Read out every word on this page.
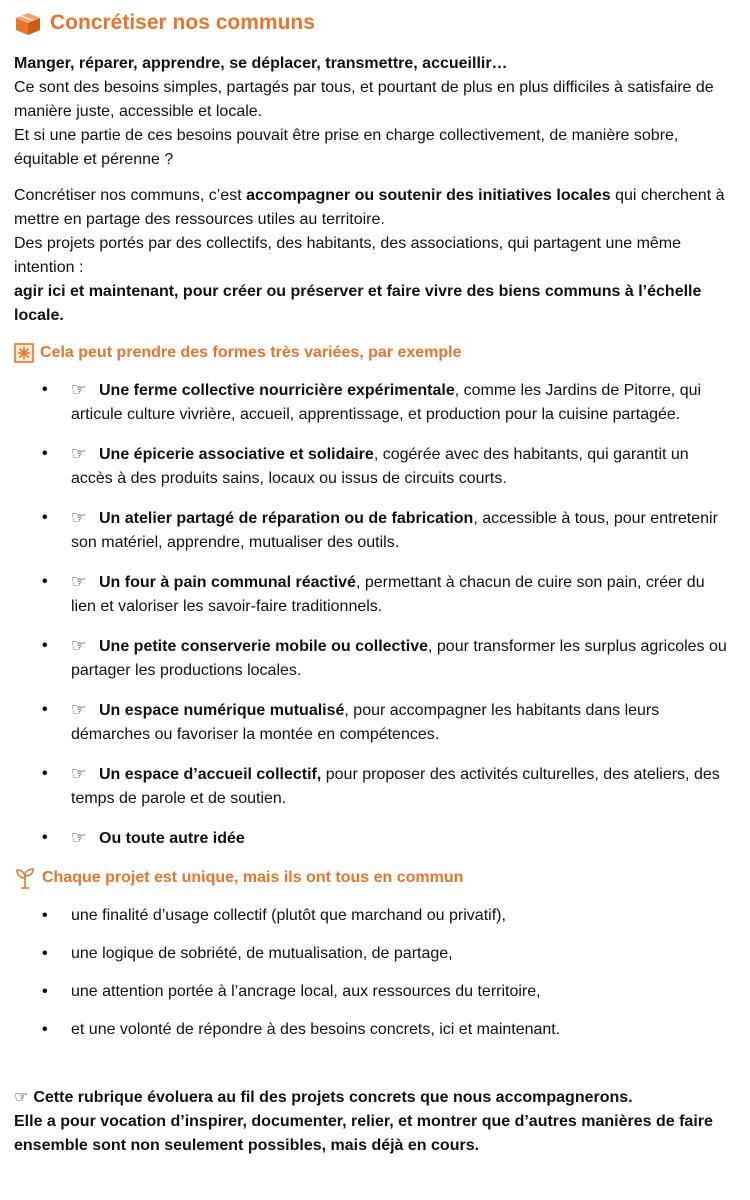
Concrétiser nos communs

Manger, réparer, apprendre, se déplacer, transmettre, accueillir…

Ce sont des besoins simples, partagés par tous, et pourtant de plus en plus difficiles à satisfaire de manière juste, accessible et locale.

Et si une partie de ces besoins pouvait être prise en charge collectivement, de manière sobre, équitable et pérenne ?

Concrétiser nos communs, c’est accompagner ou soutenir des initiatives locales qui cherchent à mettre en partage des ressources utiles au territoire.

Des projets portés par des collectifs, des habitants, des associations, qui partagent une même intention :

agir ici et maintenant, pour créer ou préserver et faire vivre des biens communs à l’échelle locale.

Cela peut prendre des formes très variées, par exemple
• ☞ Une ferme collective nourricière expérimentale, comme les Jardins de Pitorre, qui articule culture vivrière, accueil, apprentissage, et production pour la cuisine partagée.
• ☞ Une épicerie associative et solidaire, cogérée avec des habitants, qui garantit un accès à des produits sains, locaux ou issus de circuits courts.
• ☞ Un atelier partagé de réparation ou de fabrication, accessible à tous, pour entretenir son matériel, apprendre, mutualiser des outils.
• ☞ Un four à pain communal réactivé, permettant à chacun de cuire son pain, créer du lien et valoriser les savoir-faire traditionnels.
• ☞ Une petite conserverie mobile ou collective, pour transformer les surplus agricoles ou partager les productions locales.
• ☞ Un espace numérique mutualisé, pour accompagner les habitants dans leurs démarches ou favoriser la montée en compétences.
• ☞ Un espace d’accueil collectif, pour proposer des activités culturelles, des ateliers, des temps de parole et de soutien.
• ☞ Ou toute autre idée
Chaque projet est unique, mais ils ont tous en commun
• une finalité d’usage collectif (plutôt que marchand ou privatif),
• une logique de sobriété, de mutualisation, de partage,
• une attention portée à l’ancrage local, aux ressources du territoire,
• et une volonté de répondre à des besoins concrets, ici et maintenant.

☞ Cette rubrique évoluera au fil des projets concrets que nous accompagnerons.

Elle a pour vocation d’inspirer, documenter, relier, et montrer que d’autres manières de faire ensemble sont non seulement possibles, mais déjà en cours.
